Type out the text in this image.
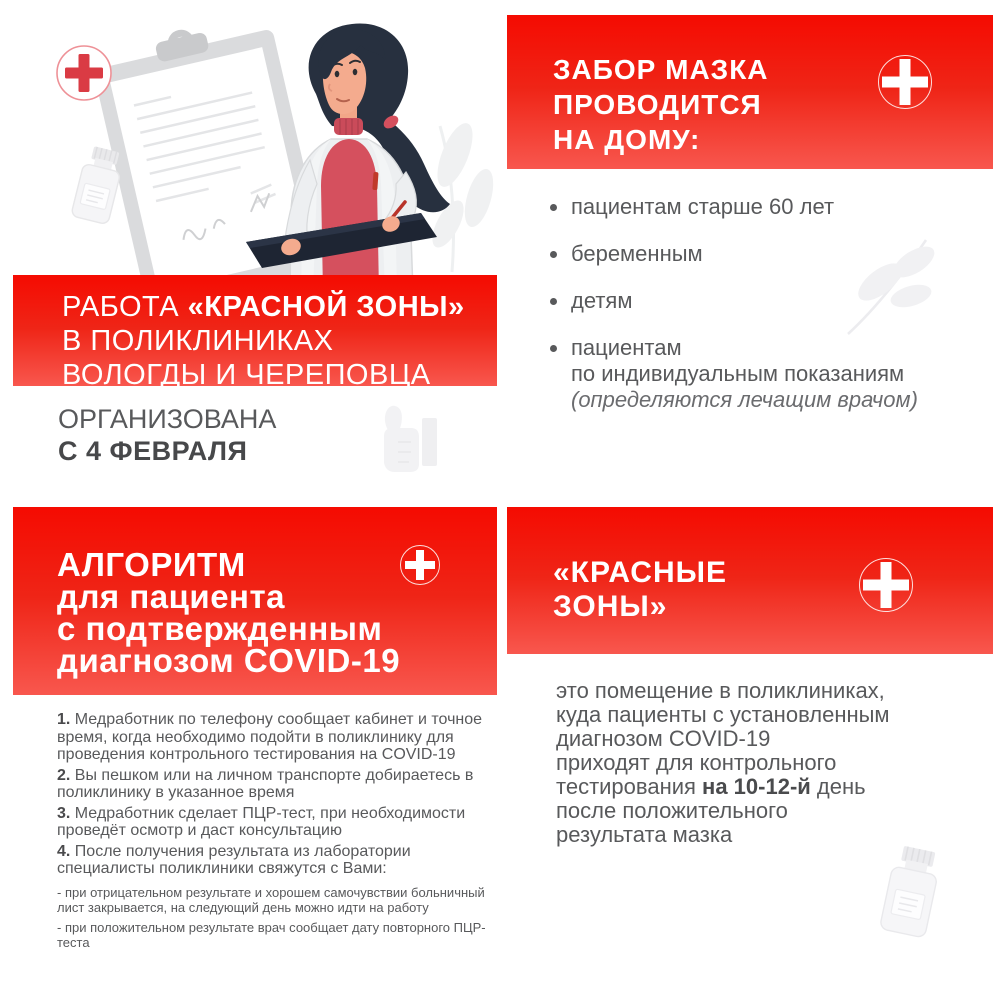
РАБОТА «КРАСНОЙ ЗОНЫ»
В ПОЛИКЛИНИКАХ
ВОЛОГДЫ И ЧЕРЕПОВЦА
ОРГАНИЗОВАНА
С 4 ФЕВРАЛЯ
ЗАБОР МАЗКА
ПРОВОДИТСЯ
НА ДОМУ:
пациентам старше 60 лет
беременным
детям
пациентам
по индивидуальным показаниям
(определяются лечащим врачом)
АЛГОРИТМ
для пациента
с подтвержденным
диагнозом COVID-19

1. Медработник по телефону сообщает кабинет и точное время, когда необходимо подойти в поликлинику для проведения контрольного тестирования на COVID-19

2. Вы пешком или на личном транспорте добираетесь в поликлинику в указанное время

3. Медработник сделает ПЦР-тест, при необходимости проведёт осмотр и даст консультацию

4. После получения результата из лаборатории специалисты поликлиники свяжутся с Вами:

- при отрицательном результате и хорошем самочувствии больничный лист закрывается, на следующий день можно идти на работу

- при положительном результате врач сообщает дату повторного ПЦР-теста

«КРАСНЫЕ
ЗОНЫ»
это помещение в поликлиниках,
куда пациенты с установленным
диагнозом COVID-19
приходят для контрольного
тестирования на 10-12-й день
после положительного
результата мазка
